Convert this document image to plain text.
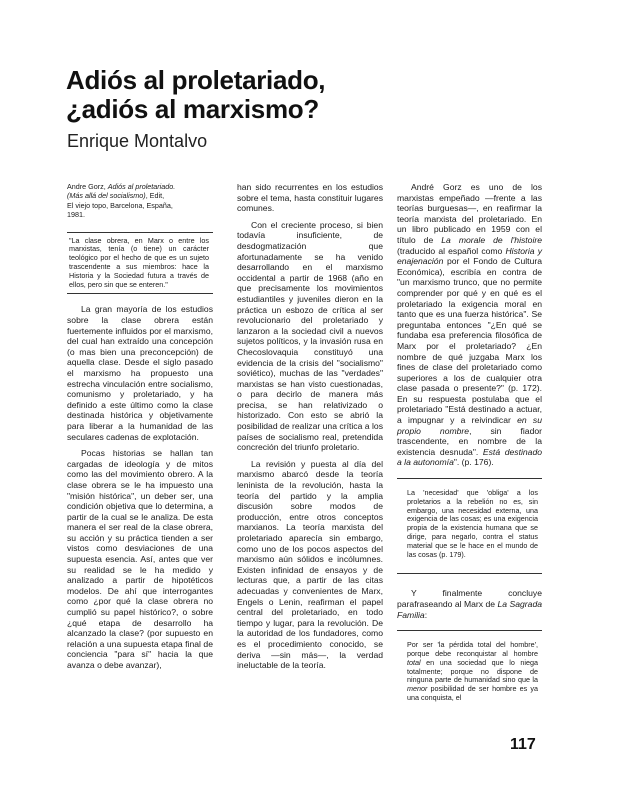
Adiós al proletariado,
¿adiós al marxismo?
Enrique Montalvo
Andre Gorz, Adiós al proletariado.
(Más allá del socialismo), Edit,
El viejo topo, Barcelona, España,
1981.
"La clase obrera, en Marx o entre los marxistas, tenía (o tiene) un carácter teológico por el hecho de que es un sujeto trascendente a sus miembros: hace la Historia y la Sociedad futura a través de ellos, pero sin que se enteren."

La gran mayoría de los estudios sobre la clase obrera están fuertemente influidos por el marxismo, del cual han extraído una concepción (o mas bien una preconcepción) de aquella clase. Desde el siglo pasado el marxismo ha propuesto una estrecha vinculación entre socialismo, comunismo y proletariado, y ha definido a este último como la clase destinada histórica y objetivamente para liberar a la humanidad de las seculares cadenas de explotación.

Pocas historias se hallan tan cargadas de ideología y de mitos como las del movimiento obrero. A la clase obrera se le ha impuesto una "misión histórica", un deber ser, una condición objetiva que lo determina, a partir de la cual se le analiza. De esta manera el ser real de la clase obrera, su acción y su práctica tienden a ser vistos como desviaciones de una supuesta esencia. Así, antes que ver su realidad se le ha medido y analizado a partir de hipotéticos modelos. De ahí que interrogantes como ¿por qué la clase obrera no cumplió su papel histórico?, o sobre ¿qué etapa de desarrollo ha alcanzado la clase? (por supuesto en relación a una supuesta etapa final de conciencia "para sí" hacia la que avanza o debe avanzar),

han sido recurrentes en los estudios sobre el tema, hasta constituir lugares comunes.

Con el creciente proceso, si bien todavía insuficiente, de desdogmatización que afortunadamente se ha venido desarrollando en el marxismo occidental a partir de 1968 (año en que precisamente los movimientos estudiantiles y juveniles dieron en la práctica un esbozo de crítica al ser revolucionario del proletariado y lanzaron a la sociedad civil a nuevos sujetos políticos, y la invasión rusa en Checoslovaquia constituyó una evidencia de la crisis del "socialismo" soviético), muchas de las "verdades" marxistas se han visto cuestionadas, o para decirlo de manera más precisa, se han relativizado o historizado. Con esto se abrió la posibilidad de realizar una crítica a los países de socialismo real, pretendida concreción del triunfo proletario.

La revisión y puesta al día del marxismo abarcó desde la teoría leninista de la revolución, hasta la teoría del partido y la amplia discusión sobre modos de producción, entre otros conceptos marxianos. La teoría marxista del proletariado aparecía sin embargo, como uno de los pocos aspectos del marxismo aún sólidos e incólumnes. Existen infinidad de ensayos y de lecturas que, a partir de las citas adecuadas y convenientes de Marx, Engels o Lenin, reafirman el papel central del proletariado, en todo tiempo y lugar, para la revolución. De la autoridad de los fundadores, como es el procedimiento conocido, se deriva —sin más—, la verdad ineluctable de la teoría.

André Gorz es uno de los marxistas empeñado —frente a las teorías burguesas—, en reafirmar la teoría marxista del proletariado. En un libro publicado en 1959 con el título de La morale de l'histoire (traducido al español como Historia y enajenación por el Fondo de Cultura Económica), escribía en contra de "un marxismo trunco, que no permite comprender por qué y en qué es el proletariado la exigencia moral en tanto que es una fuerza histórica". Se preguntaba entonces "¿En qué se fundaba esa preferencia filosófica de Marx por el proletariado? ¿En nombre de qué juzgaba Marx los fines de clase del proletariado como superiores a los de cualquier otra clase pasada o presente?" (p. 172). En su respuesta postulaba que el proletariado "Está destinado a actuar, a impugnar y a reivindicar en su propio nombre, sin fiador trascendente, en nombre de la existencia desnuda". Está destinado a la autonomía". (p. 176).

La 'necesidad' que 'obliga' a los proletarios a la rebelión no es, sin embargo, una necesidad externa, una exigencia de las cosas; es una exigencia propia de la existencia humana que se dirige, para negarlo, contra el status material que se le hace en el mundo de las cosas (p. 179).

Y finalmente concluye parafraseando al Marx de La Sagrada Familia:

Por ser 'la pérdida total del hombre', porque debe reconquistar al hombre total en una sociedad que lo niega totalmente; porque no dispone de ninguna parte de humanidad sino que la menor posibilidad de ser hombre es ya una conquista, el
117
